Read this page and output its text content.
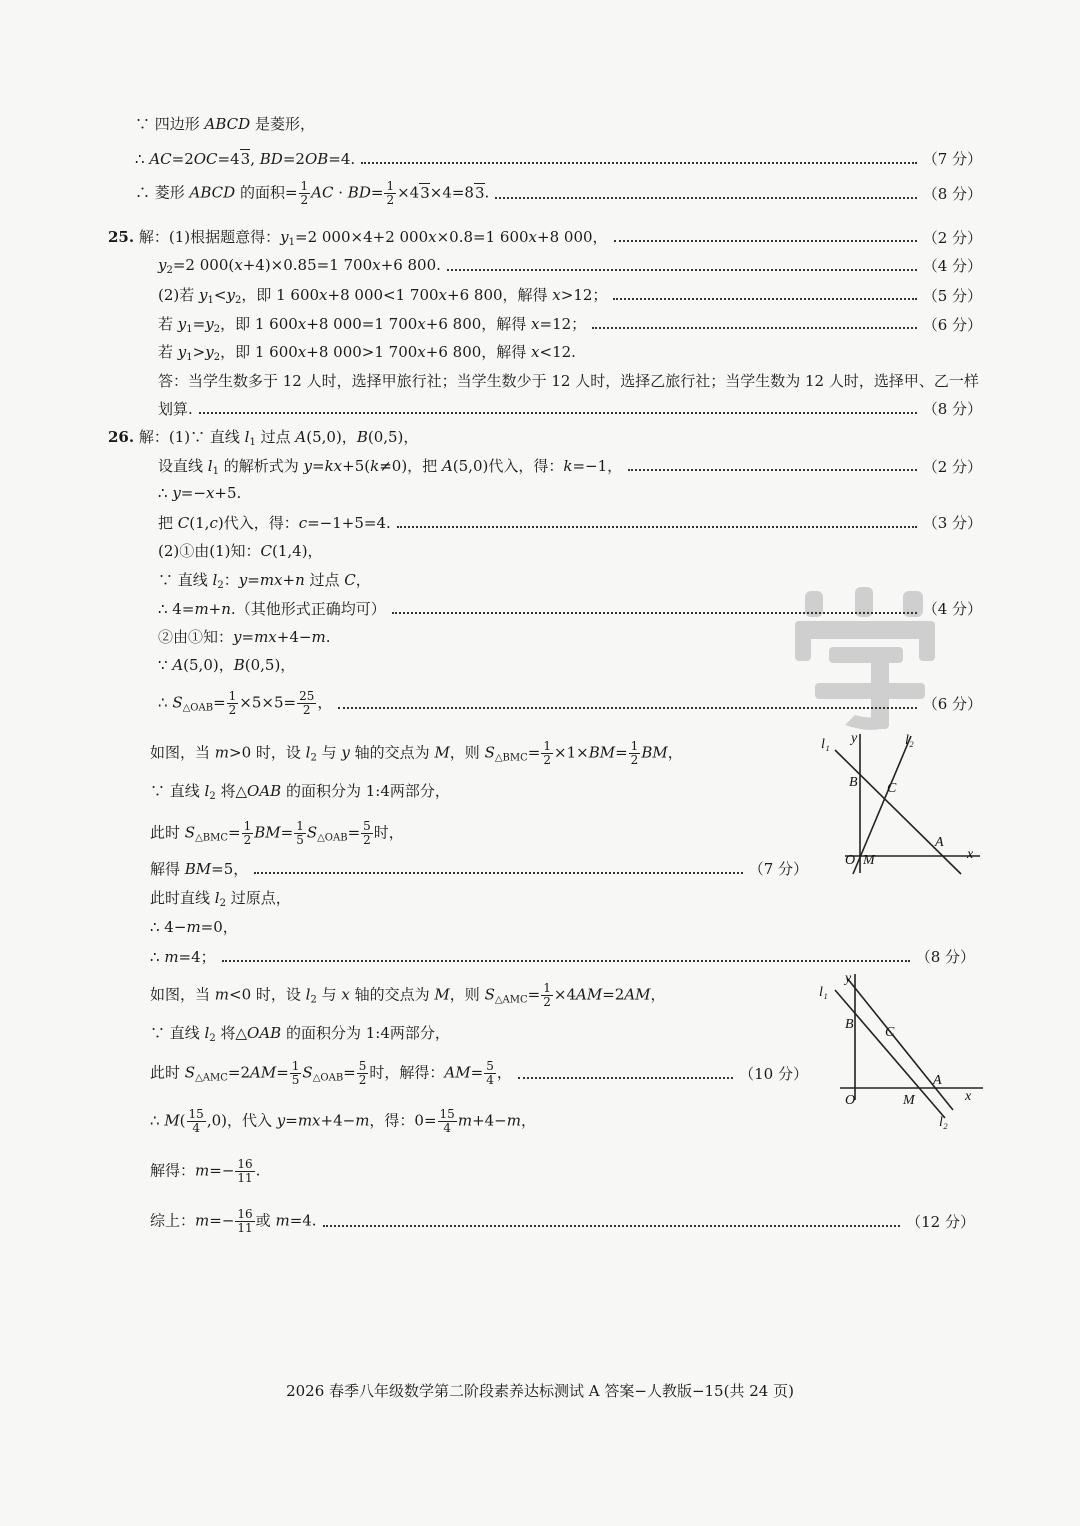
∵ 四边形 ABCD 是菱形，
∴ AC=2OC=43, BD=2OB=4.	（7 分）
∴ 菱形 ABCD 的面积= $\frac{1}{2}$ AC · $BD= \frac{1}{2} \times 43\times 4=83$.	（8 分）
25. 解：(1)根据题意得：$y_1=2$ 000×4+2 000x×0.8=1 600x+8 000，	（2 分）
$y_2=2$ 000(x+4)×0.85=1 700x+6 800.	（4 分）
(2)若 $y_1<y_2$，即 1 600x+8 000<1 700x+6 800，解得 x>12；	（5 分）
若 $y_1=y_2$，即 1 600x+8 000=1 700x+6 800，解得 x=12；	（6 分）
若 $y_1>y_2$，即 1 600x+8 000>1 700x+6 800，解得 x<12.
答：当学生数多于 12 人时，选择甲旅行社；当学生数少于 12 人时，选择乙旅行社；当学生数为 12 人时，选择甲、乙一样
划算.	（8 分）
26. 解：(1)∵ 直线 $l_1$ 过点 A(5,0)，B(0,5)，
设直线 $l_1$ 的解析式为 y=kx+5(k≠0)，把 A(5,0)代入，得：k=−1，	（2 分）
∴ y=−x+5.
把 C(1,c)代入，得：c=−1+5=4.	（3 分）
(2)①由(1)知：C(1,4)，
∵ 直线 $l_2$：y=mx+n 过点 C，
∴ 4=m+n.（其他形式正确均可）	（4 分）
②由①知：y=mx+4−m.
∵ A(5,0)，B(0,5)，
∴ $S_{\triangle OAB}= \frac{1}{2} \times 5\times 5= \frac{25}{2}$ ，	（6 分）
如图，当 m>0 时，设 $l_2$ 与 y 轴的交点为 M，则 $S_{\triangle BMC}= \frac{1}{2} \times 1\times BM= \frac{1}{2}$ BM，
∵ 直线 $l_2$ 将△OAB 的面积分为 1:4两部分，
此时 $S_{\triangle BMC}= \frac{1}{2} BM= \frac{1}{5} S_{\triangle OAB}= \frac{5}{2}$ 时，
解得 BM=5，	（7 分）
此时直线 $l_2$ 过原点，
∴ 4−m=0，
∴ m=4；	（8 分）
如图，当 m<0 时，设 $l_2$ 与 x 轴的交点为 M，则 $S_{\triangle AMC}= \frac{1}{2} \times 4AM=2AM$，
∵ 直线 $l_2$ 将△OAB 的面积分为 1:4两部分，
此时 $S_{\triangle AMC}=2AM= \frac{1}{5} S_{\triangle OAB}= \frac{5}{2}$ 时，解得：$AM= \frac{5}{4}$ ，	（10 分）
∴ $M( \frac{15}{4} ,0)$，代入 y=mx+4−m，得：$0= \frac{15}{4} m+4-m$，
解得：$m=- \frac{16}{11}$ .
综上：$m=- \frac{16}{11}$ 或 m=4.	（12 分）
l₁	l₂
y
x
B C
A
O M
l₁
l₂
y
x
B
C
A
O	M
2026 春季八年级数学第二阶段素养达标测试 A 答案−人教版−15(共 24 页)
